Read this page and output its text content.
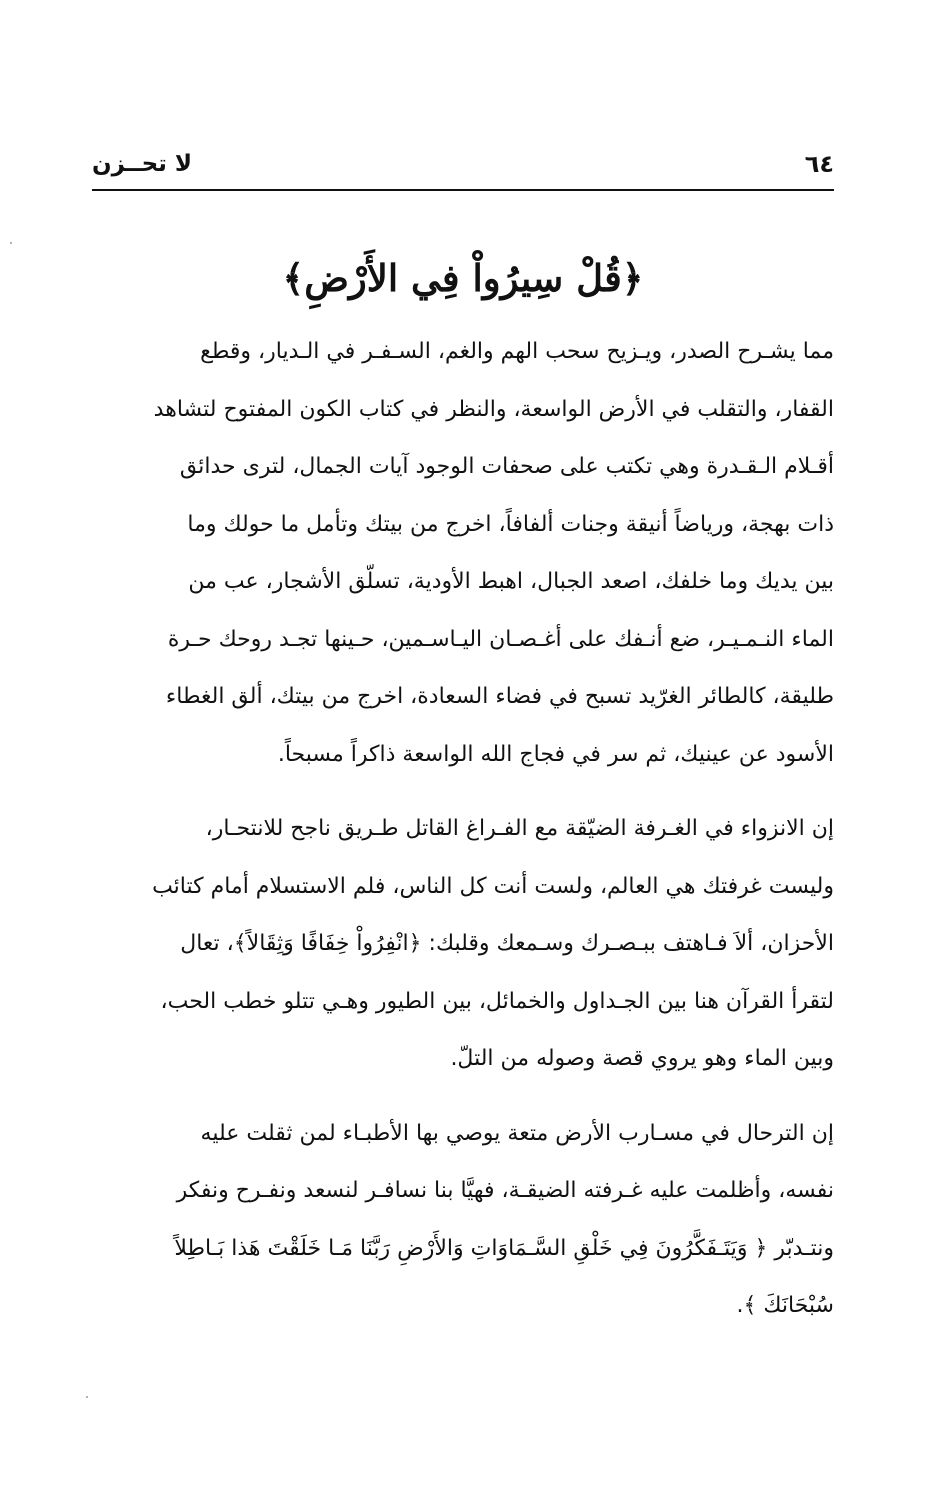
٦٤
لا تحــزن
﴿قُلْ سِيرُواْ فِي الأَرْضِ﴾
مما يشـرح الصدر، ويـزيح سحب الهم والغم، السـفـر في الـديار، وقطع
القفار، والتقلب في الأرض الواسعة، والنظر في كتاب الكون المفتوح لتشاهد
أقـلام الـقـدرة وهي تكتب على صحفات الوجود آيات الجمال، لترى حدائق
ذات بهجة، ورياضاً أنيقة وجنات ألفافاً، اخرج من بيتك وتأمل ما حولك وما
بين يديك وما خلفك، اصعد الجبال، اهبط الأودية، تسلّق الأشجار، عب من
الماء النـمـيـر، ضع أنـفك على أغـصـان اليـاسـمين، حـينها تجـد روحك حـرة
طليقة، كالطائر الغرّيد تسبح في فضاء السعادة، اخرج من بيتك، ألق الغطاء
الأسود عن عينيك، ثم سر في فجاج الله الواسعة ذاكراً مسبحاً.
إن الانزواء في الغـرفة الضيّقة مع الفـراغ القاتل طـريق ناجح للانتحـار،
وليست غرفتك هي العالم، ولست أنت كل الناس، فلم الاستسلام أمام كتائب
الأحزان، ألاَ فـاهتف ببـصـرك وسـمعك وقلبك: ﴿انْفِرُواْ خِفَافًا وَثِقَالاً﴾، تعال
لتقرأ القرآن هنا بين الجـداول والخمائل، بين الطيور وهـي تتلو خطب الحب،
وبين الماء وهو يروي قصة وصوله من التلّ.
إن الترحال في مسـارب الأرض متعة يوصي بها الأطبـاء لمن ثقلت عليه
نفسه، وأظلمت عليه غـرفته الضيقـة، فهيَّا بنا نسافـر لنسعد ونفـرح ونفكر
ونتـدبّر ﴿ وَيَتَـفَكَّرُونَ فِي خَلْقِ السَّـمَاوَاتِ وَالأَرْضِ رَبَّنَا مَـا خَلَقْتَ هَذا بَـاطِلاً
سُبْحَانَكَ ﴾.
